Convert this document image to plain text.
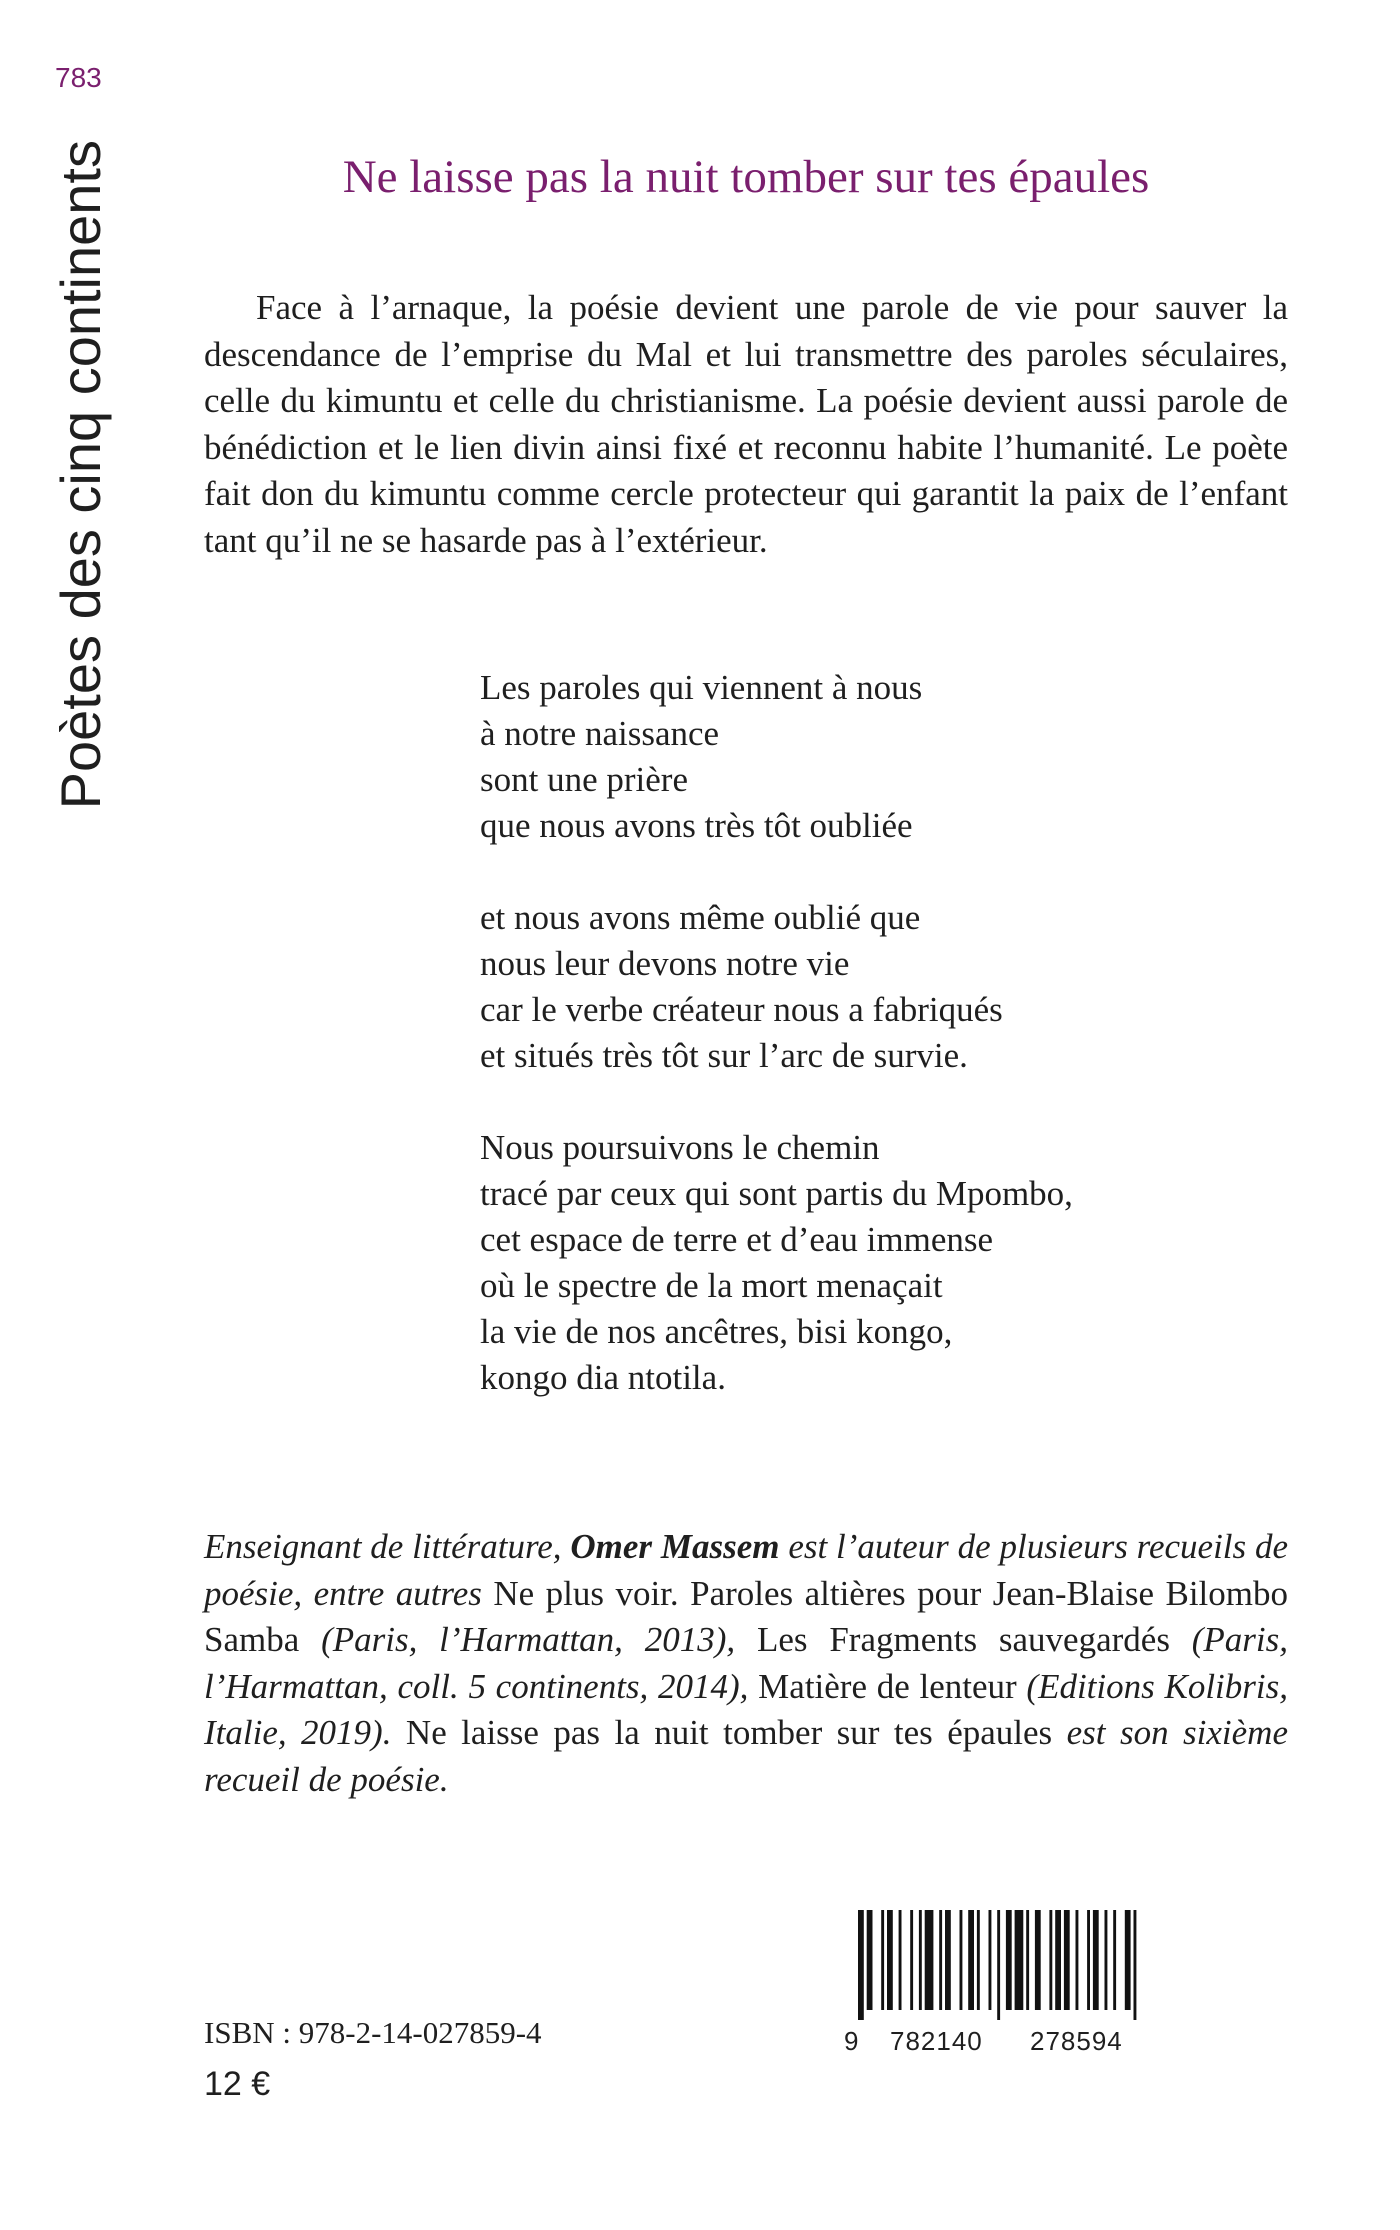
783
Poètes des cinq continents	Ne laisse pas la nuit tomber sur tes épaules

Face à l’arnaque, la poésie devient une parole de vie pour sauver la descendance de l’emprise du Mal et lui transmettre des paroles séculaires, celle du kimuntu et celle du christianisme. La poésie devient aussi parole de bénédiction et le lien divin ainsi fixé et reconnu habite l’humanité. Le poète fait don du kimuntu comme cercle protecteur qui garantit la paix de l’enfant tant qu’il ne se hasarde pas à l’extérieur.

Les paroles qui viennent à nous
à notre naissance
sont une prière
que nous avons très tôt oubliée
et nous avons même oublié que
nous leur devons notre vie
car le verbe créateur nous a fabriqués
et situés très tôt sur l’arc de survie.
Nous poursuivons le chemin
tracé par ceux qui sont partis du Mpombo,
cet espace de terre et d’eau immense
où le spectre de la mort menaçait
la vie de nos ancêtres, bisi kongo,
kongo dia ntotila.

Enseignant de littérature, Omer Massem est l’auteur de plusieurs recueils de poésie, entre autres Ne plus voir. Paroles altières pour Jean-Blaise Bilombo Samba (Paris, l’Harmattan, 2013), Les Fragments sauvegardés (Paris, l’Harmattan, coll. 5 continents, 2014), Matière de lenteur (Editions Kolibris, Italie, 2019). Ne laisse pas la nuit tomber sur tes épaules est son sixième recueil de poésie.

ISBN : 978-2-14-027859-4
12 €
9 782140 278594
